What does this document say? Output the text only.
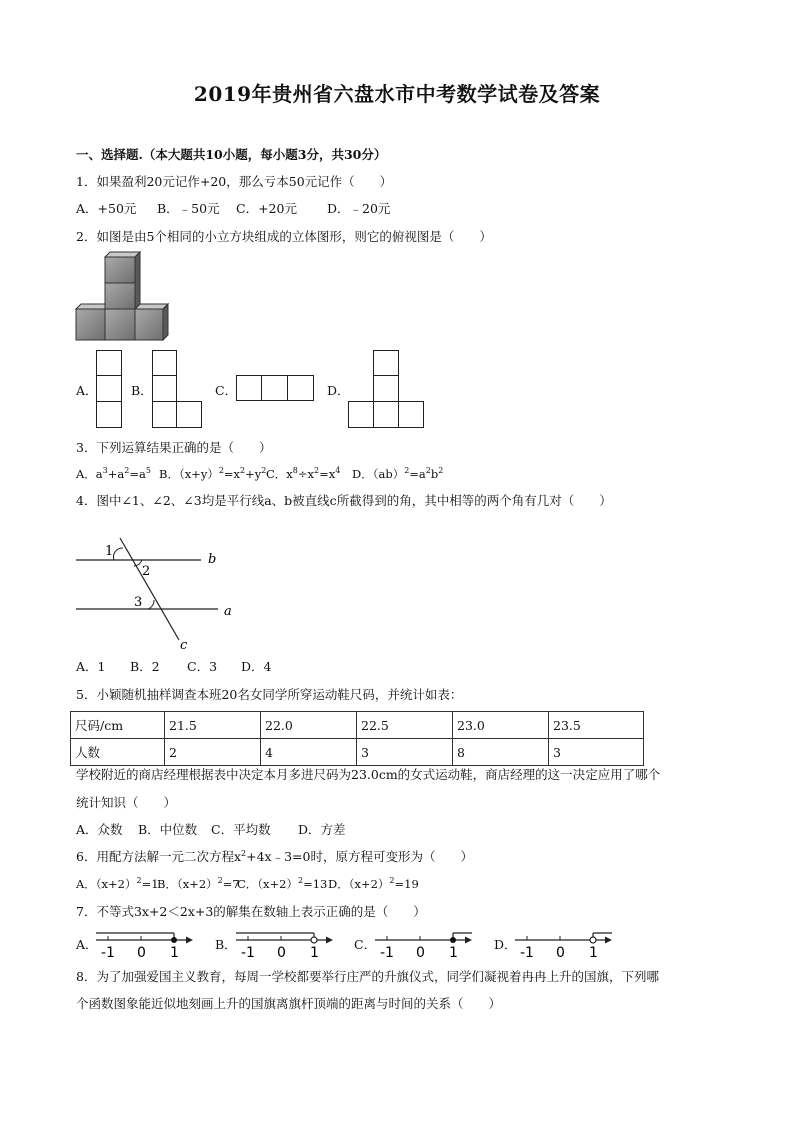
2019年贵州省六盘水市中考数学试卷及答案
一、选择题.（本大题共10小题，每小题3分，共30分）
1．如果盈利20元记作+20，那么亏本50元记作（　　）
A．+50元 B．﹣50元 C．+20元 D．﹣20元
2．如图是由5个相同的小立方块组成的立体图形，则它的俯视图是（　　）
A．	B．	C．	D．
3．下列运算结果正确的是（　　）
A．$a^3+a^2=a^5$ B．$(x+y)^2=x^2+y^2$ C．$x^8\div x^2=x^4$ D．$(ab)^2=a^2b^2$
4．图中∠1、∠2、∠3均是平行线a、b被直线c所截得到的角，其中相等的两个角有几对（　　）
1
2
3
b
a
c
A．1 B．2 C．3 D．4
5．小颖随机抽样调查本班20名女同学所穿运动鞋尺码，并统计如表：
尺码/cm	21.5	22.0	22.5	23.0	23.5
人数	2	4	3	8	3
学校附近的商店经理根据表中决定本月多进尺码为23.0cm的女式运动鞋，商店经理的这一决定应用了哪个
统计知识（　　）
A．众数 B．中位数 C．平均数 D．方差
6．用配方法解一元二次方程$x^2+4x﹣3=0$时，原方程可变形为（　　）
A．$(x+2)^2=1$
B．$(x+2)^2=7$
C．$(x+2)^2=13$ D．$(x+2)^2=19$
7．不等式3x+2＜2x+3的解集在数轴上表示正确的是（　　）
A．
-1 0 1
B．
-1 0 1
C．
-1 0 1
D．
-1 0 1
8．为了加强爱国主义教育，每周一学校都要举行庄严的升旗仪式，同学们凝视着冉冉上升的国旗，下列哪
个函数图象能近似地刻画上升的国旗离旗杆顶端的距离与时间的关系（　　）
